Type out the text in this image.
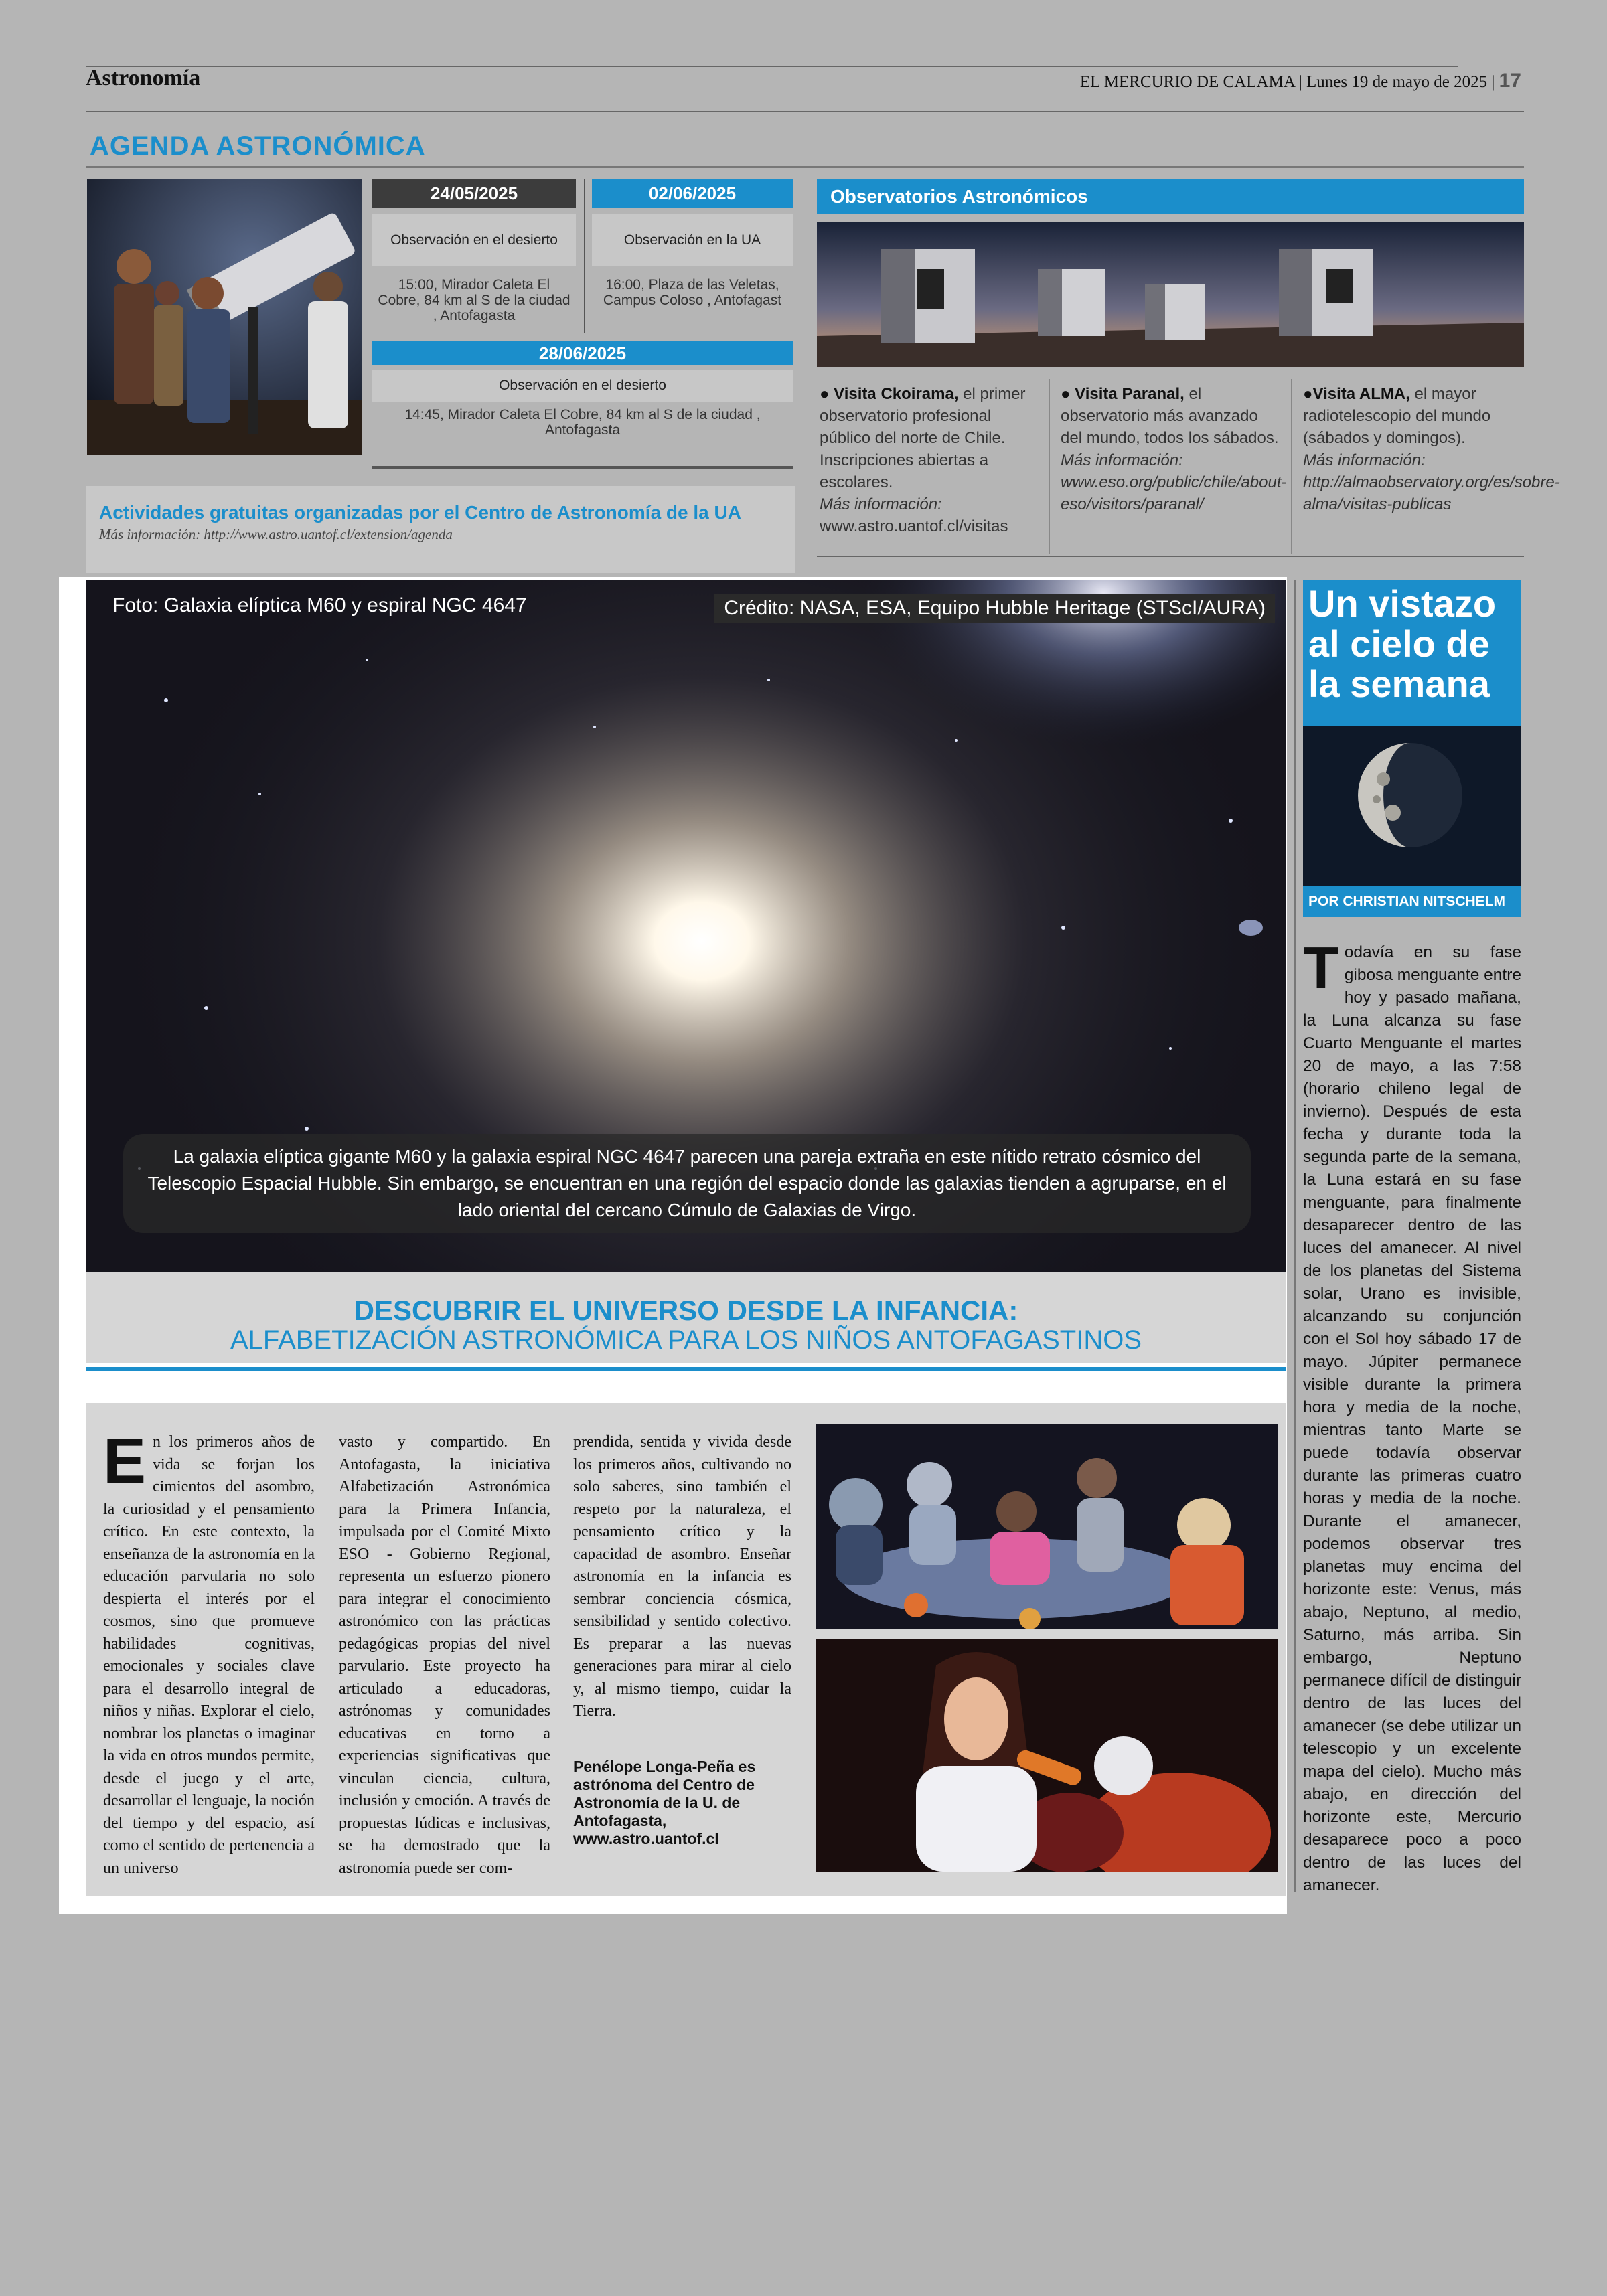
Astronomía	EL MERCURIO DE CALAMA | Lunes 19 de mayo de 2025 | 17
AGENDA ASTRONÓMICA
24/05/2025
Observación en el desierto
15:00, Mirador Caleta El Cobre, 84 km al S de la ciudad , Antofagasta
02/06/2025
Observación en la UA
16:00, Plaza de las Veletas, Campus Coloso , Antofagast
28/06/2025
Observación en el desierto
14:45, Mirador Caleta El Cobre, 84 km al S de la ciudad , Antofagasta
Actividades gratuitas organizadas por el Centro de Astronomía de la UA
Más información: http://www.astro.uantof.cl/extension/agenda
Observatorios Astronómicos
● Visita Ckoirama, el primer observatorio profesional público del norte de Chile. Inscripciones abiertas a escolares.
Más información:
www.astro.uantof.cl/visitas
● Visita Paranal, el observatorio más avanzado del mundo, todos los sábados.
Más información:
www.eso.org/public/chile/about-eso/visitors/paranal/
●Visita ALMA, el mayor radiotelescopio del mundo (sábados y domingos).
Más información:
http://almaobservatory.org/es/sobre-alma/visitas-publicas
Foto: Galaxia elíptica M60 y espiral NGC 4647	Crédito: NASA, ESA, Equipo Hubble Heritage (STScI/AURA)
La galaxia elíptica gigante M60 y la galaxia espiral NGC 4647 parecen una pareja extraña en este nítido retrato cósmico del Telescopio Espacial Hubble. Sin embargo, se encuentran en una región del espacio donde las galaxias tienden a agruparse, en el lado oriental del cercano Cúmulo de Galaxias de Virgo.
DESCUBRIR EL UNIVERSO DESDE LA INFANCIA:
ALFABETIZACIÓN ASTRONÓMICA PARA LOS NIÑOS ANTOFAGASTINOS
En los primeros años de vida se forjan los cimientos del asombro, la curiosidad y el pensamiento crítico. En este contexto, la enseñanza de la astronomía en la educación parvularia no solo despierta el interés por el cosmos, sino que promueve habilidades cognitivas, emocionales y sociales clave para el desarrollo integral de niños y niñas. Explorar el cielo, nombrar los planetas o imaginar la vida en otros mundos permite, desde el juego y el arte, desarrollar el lenguaje, la noción del tiempo y del espacio, así como el sentido de pertenencia a un universo
vasto y compartido. En Antofagasta, la iniciativa Alfabetización Astronómica para la Primera Infancia, impulsada por el Comité Mixto ESO - Gobierno Regional, representa un esfuerzo pionero para integrar el conocimiento astronómico con las prácticas pedagógicas propias del nivel parvulario. Este proyecto ha articulado a educadoras, astrónomas y comunidades educativas en torno a experiencias significativas que vinculan ciencia, cultura, inclusión y emoción. A través de propuestas lúdicas e inclusivas, se ha demostrado que la astronomía puede ser com-
prendida, sentida y vivida desde los primeros años, cultivando no solo saberes, sino también el respeto por la naturaleza, el pensamiento crítico y la capacidad de asombro. Enseñar astronomía en la infancia es sembrar conciencia cósmica, sensibilidad y sentido colectivo. Es preparar a las nuevas generaciones para mirar al cielo y, al mismo tiempo, cuidar la Tierra.
Penélope Longa-Peña es astrónoma del Centro de Astronomía de la U. de Antofagasta, www.astro.uantof.cl
Un vistazo al cielo de la semana
POR CHRISTIAN NITSCHELM
Todavía en su fase gibosa menguante entre hoy y pasado mañana, la Luna alcanza su fase Cuarto Menguante el martes 20 de mayo, a las 7:58 (horario chileno legal de invierno). Después de esta fecha y durante toda la segunda parte de la semana, la Luna estará en su fase menguante, para finalmente desaparecer dentro de las luces del amanecer. Al nivel de los planetas del Sistema solar, Urano es invisible, alcanzando su conjunción con el Sol hoy sábado 17 de mayo. Júpiter permanece visible durante la primera hora y media de la noche, mientras tanto Marte se puede todavía observar durante las primeras cuatro horas y media de la noche. Durante el amanecer, podemos observar tres planetas muy encima del horizonte este: Venus, más abajo, Neptuno, al medio, Saturno, más arriba. Sin embargo, Neptuno permanece difícil de distinguir dentro de las luces del amanecer (se debe utilizar un telescopio y un excelente mapa del cielo). Mucho más abajo, en dirección del horizonte este, Mercurio desaparece poco a poco dentro de las luces del amanecer.
